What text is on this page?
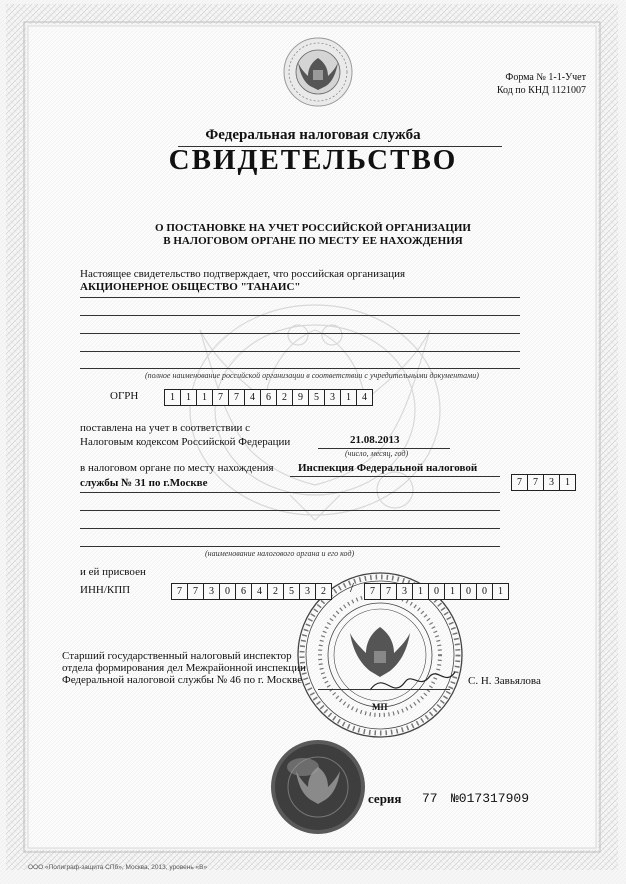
Форма № 1-1-Учет
Код по КНД 1121007
Федеральная налоговая служба
СВИДЕТЕЛЬСТВО
О ПОСТАНОВКЕ НА УЧЕТ РОССИЙСКОЙ ОРГАНИЗАЦИИ
В НАЛОГОВОМ ОРГАНЕ ПО МЕСТУ ЕЕ НАХОЖДЕНИЯ
Настоящее свидетельство подтверждает, что российская организация
АКЦИОНЕРНОЕ ОБЩЕСТВО "ТАНАИС"
(полное наименование российской организации в соответствии с учредительными документами)
ОГРН	1	1	1	7	7	4	6	2	9	5	3	1	4
поставлена на учет в соответствии с
Налоговым кодексом Российской Федерации	21.08.2013
(число, месяц, год)
в налоговом органе по месту нахождения Инспекция Федеральной налоговой
службы № 31 по г.Москве	7	7	3	1
(наименование налогового органа и его код)
и ей присвоен
ИНН/КПП	7	7	3	0	6	4	2	5	3	2	/	7	7	3	1	0	1	0	0	1
Старший государственный налоговый инспектор
отдела формирования дел Межрайонной инспекции
Федеральной налоговой службы № 46 по г. Москве	С. Н. Завьялова
МП
серия 77 №017317909
ООО «Полиграф-защита СПб», Москва, 2013, уровень «В»
